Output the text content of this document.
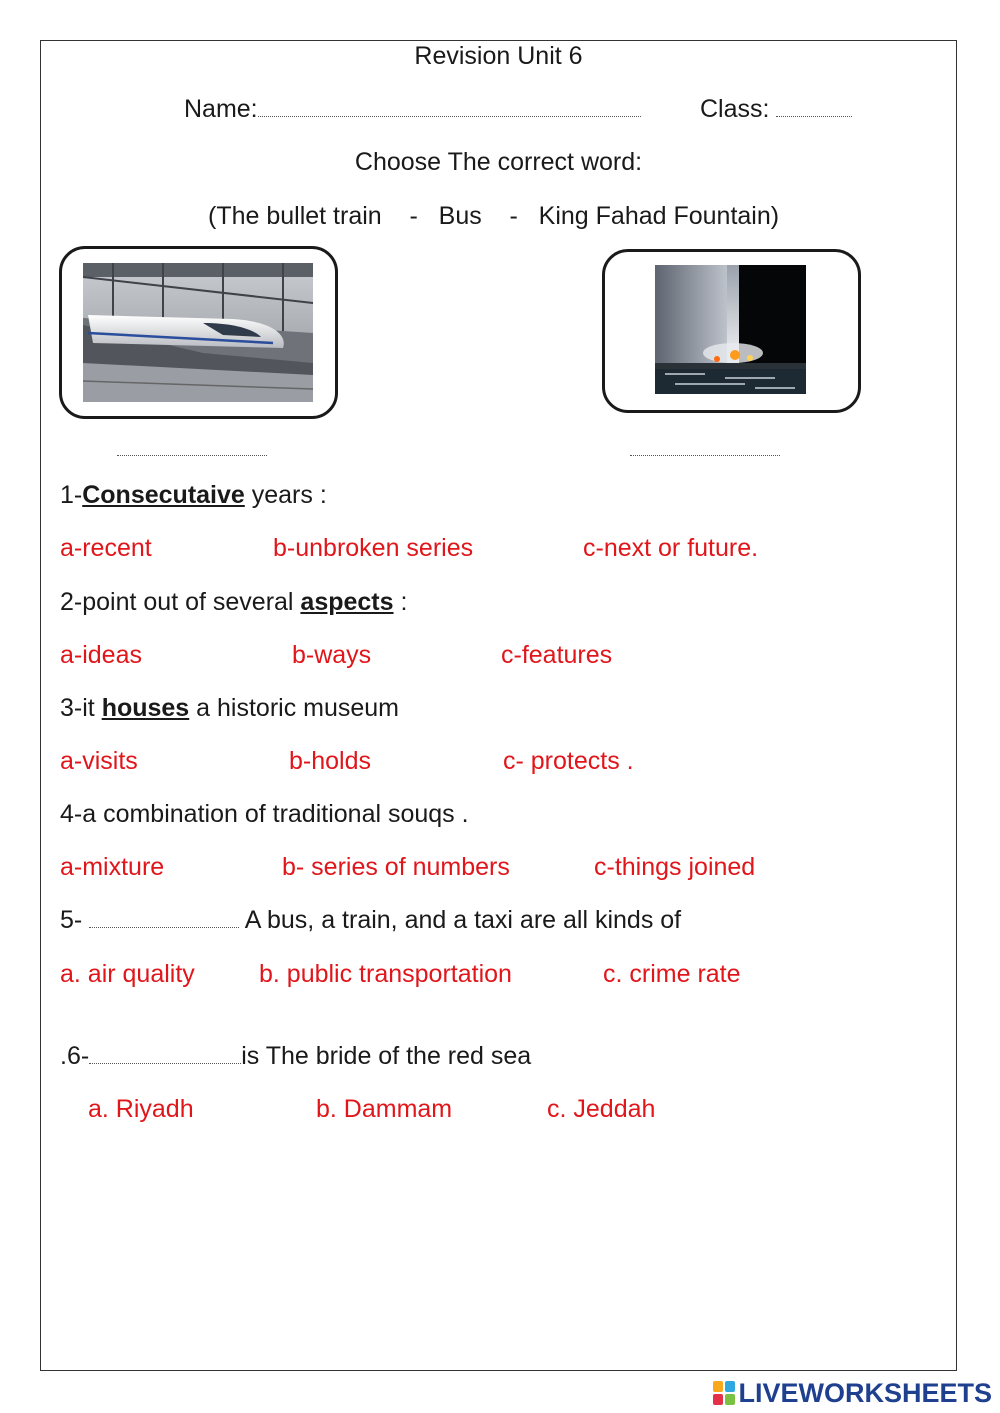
Revision Unit 6
Name:	Class:
Choose The correct word:
(The bullet train    -   Bus    -   King Fahad Fountain)
1-Consecutaive years :
a-recent	b-unbroken series	c-next or future.
2-point out of several aspects :
a-ideas	b-ways	c-features
3-it houses a historic museum
a-visits	b-holds	c- protects .
4-a combination of traditional souqs .
a-mixture	b- series of numbers	c-things joined
5-	A bus, a train, and a taxi are all kinds of
a. air quality	b. public transportation	c. crime rate
.6-	is The bride of the red sea
a. Riyadh	b. Dammam	c. Jeddah
LIVEWORKSHEETS
